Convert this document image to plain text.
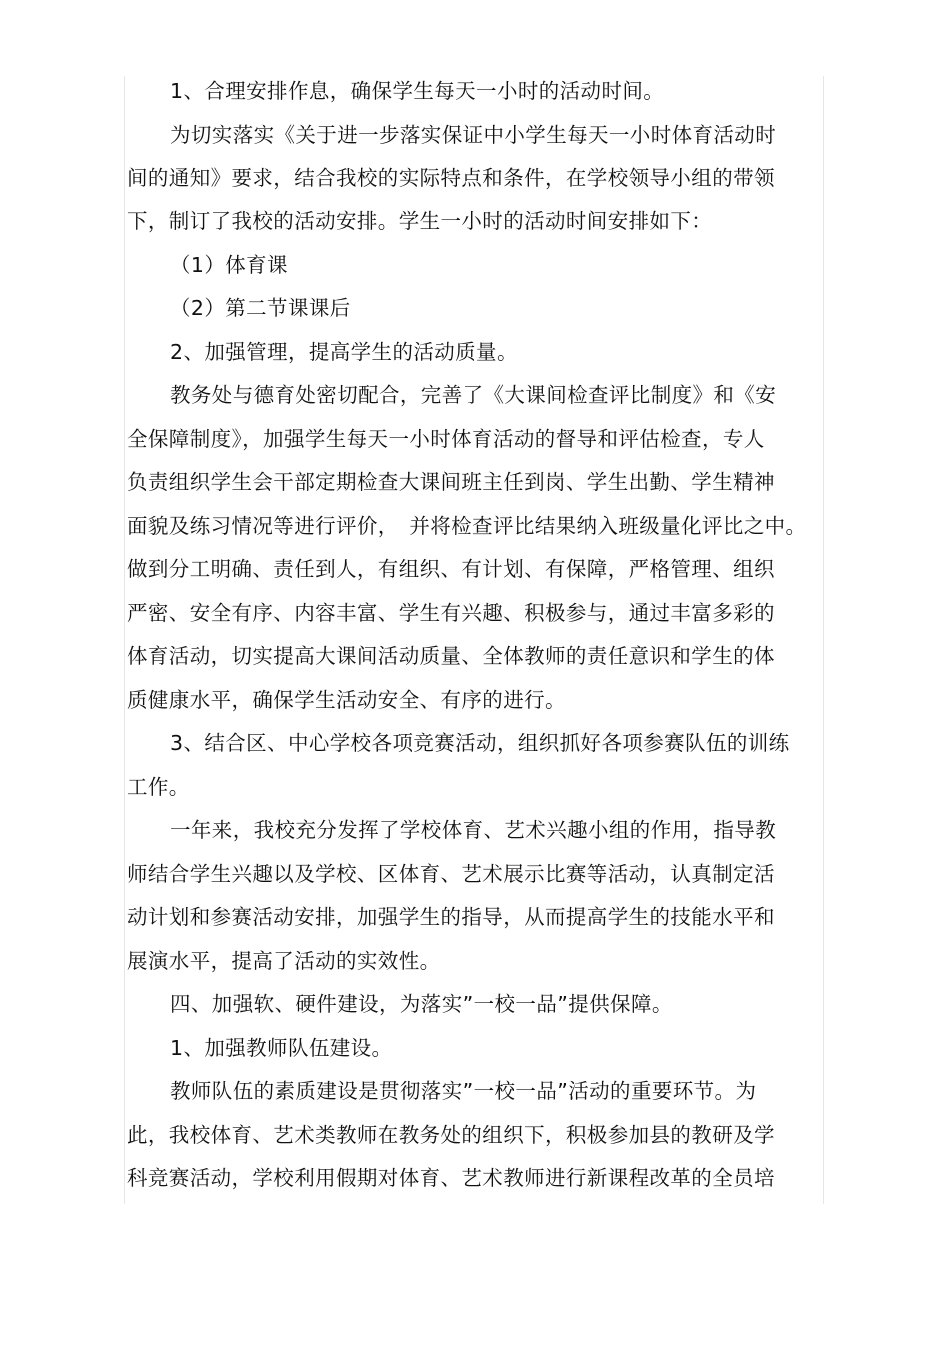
1、合理安排作息，确保学生每天一小时的活动时间。
为切实落实《关于进一步落实保证中小学生每天一小时体育活动时
间的通知》要求，结合我校的实际特点和条件，在学校领导小组的带领
下，制订了我校的活动安排。学生一小时的活动时间安排如下：
（1）体育课
（2）第二节课课后
2、加强管理，提高学生的活动质量。
教务处与德育处密切配合，完善了《大课间检查评比制度》和《安
全保障制度》，加强学生每天一小时体育活动的督导和评估检查，专人
负责组织学生会干部定期检查大课间班主任到岗、学生出勤、学生精神
面貌及练习情况等进行评价，　并将检查评比结果纳入班级量化评比之中。
做到分工明确、责任到人，有组织、有计划、有保障，严格管理、组织
严密、安全有序、内容丰富、学生有兴趣、积极参与，通过丰富多彩的
体育活动，切实提高大课间活动质量、全体教师的责任意识和学生的体
质健康水平，确保学生活动安全、有序的进行。
3、结合区、中心学校各项竞赛活动，组织抓好各项参赛队伍的训练
工作。
一年来，我校充分发挥了学校体育、艺术兴趣小组的作用，指导教
师结合学生兴趣以及学校、区体育、艺术展示比赛等活动，认真制定活
动计划和参赛活动安排，加强学生的指导，从而提高学生的技能水平和
展演水平，提高了活动的实效性。
四、加强软、硬件建设，为落实”一校一品”提供保障。
1、加强教师队伍建设。
教师队伍的素质建设是贯彻落实”一校一品”活动的重要环节。为
此，我校体育、艺术类教师在教务处的组织下，积极参加县的教研及学
科竞赛活动，学校利用假期对体育、艺术教师进行新课程改革的全员培
